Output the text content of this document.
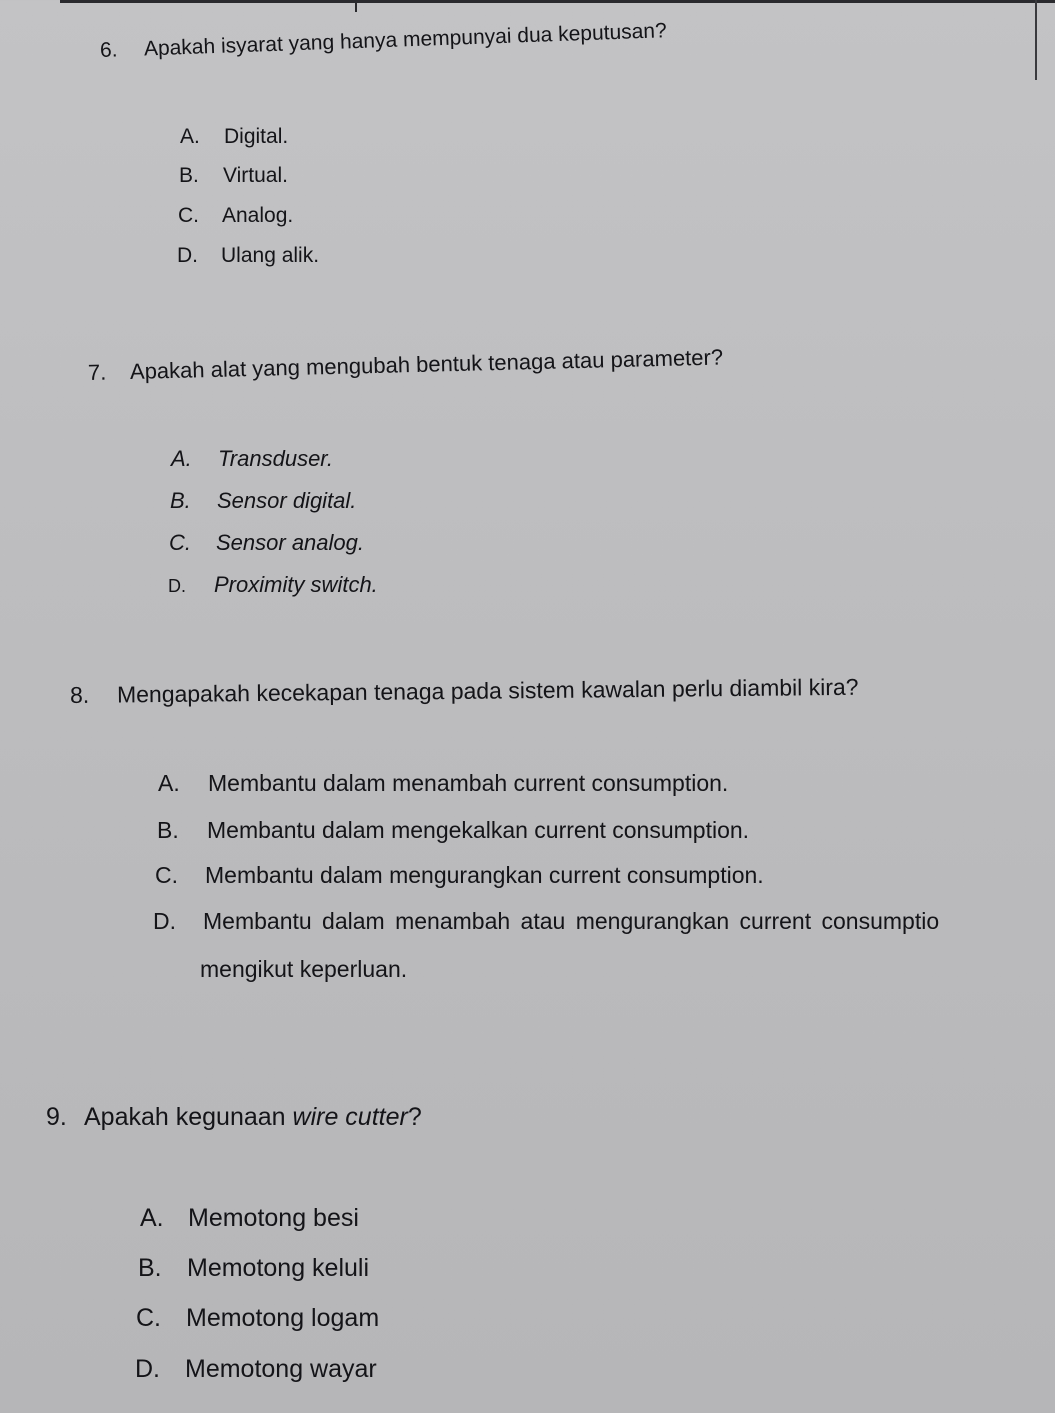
6. Apakah isyarat yang hanya mempunyai dua keputusan?

A. Digital.

B. Virtual.

C. Analog.

D. Ulang alik.

7. Apakah alat yang mengubah bentuk tenaga atau parameter?

A. Transduser.

B. Sensor digital.

C. Sensor analog.

D. Proximity switch.

8. Mengapakah kecekapan tenaga pada sistem kawalan perlu diambil kira?

A. Membantu dalam menambah current consumption.

B. Membantu dalam mengekalkan current consumption.

C. Membantu dalam mengurangkan current consumption.

D. Membantu dalam menambah atau mengurangkan current consumptio

mengikut keperluan.

9. Apakah kegunaan wire cutter?

A. Memotong besi

B. Memotong keluli

C. Memotong logam

D. Memotong wayar
